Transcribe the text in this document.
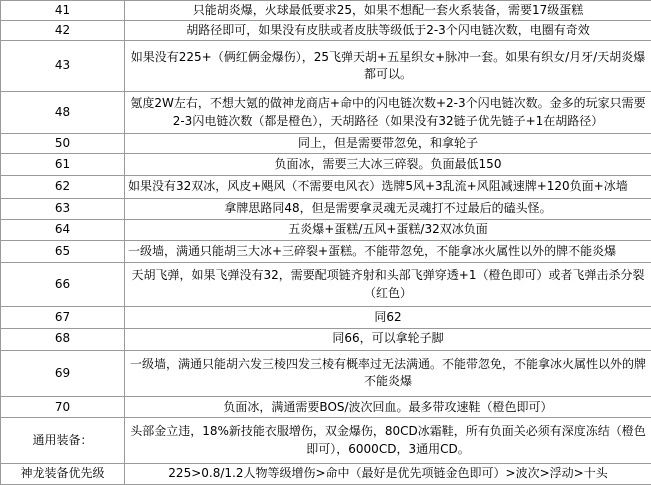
41	只能胡炎爆，火球最低要求25，如果不想配一套火系装备，需要17级蛋糕
42	胡路径即可，如果没有皮肤或者皮肤等级低于2-3个闪电链次数，电圈有奇效
43	如果没有225+（俩红俩金爆伤），25飞弹天胡+五星织女+脉冲一套。如果有织女/月牙/天胡炎爆都可以。
48	氪度2W左右，不想大氪的做神龙商店+命中的闪电链次数+2-3个闪电链次数。金多的玩家只需要2-3闪电链次数（都是橙色），天胡路径（如果没有32链子优先链子+1在胡路径）
50	同上，但是需要带忽免，和拿轮子
61	负面冰，需要三大冰三碎裂。负面最低150
62	如果没有32双冰，风皮+飓风（不需要电风衣）选牌5风+3乱流+风阻减速牌+120负面+冰墙
63	拿牌思路同48，但是需要拿灵魂无灵魂打不过最后的磕头怪。
64	五炎爆+蛋糕/五风+蛋糕/32双冰负面
65	一级墙，满通只能胡三大冰+三碎裂+蛋糕。不能带忽免，不能拿冰火属性以外的牌不能炎爆
66	天胡飞弹，如果飞弹没有32，需要配项链齐射和头部飞弹穿透+1（橙色即可）或者飞弹击杀分裂（红色）
67	同62
68	同66，可以拿轮子脚
69	一级墙，满通只能胡六发三棱四发三棱有概率过无法满通。不能带忽免，不能拿冰火属性以外的牌不能炎爆
70	负面冰，满通需要BOS/波次回血。最多带攻速鞋（橙色即可）
通用装备：	头部金立违，18%新技能衣服增伤，双金爆伤，80CD冰霜鞋，所有负面关必须有深度冻结（橙色即可），6000CD，3通用CD。
神龙装备优先级	225>0.8/1.2人物等级增伤>命中（最好是优先项链金色即可）>波次>浮动>十头
